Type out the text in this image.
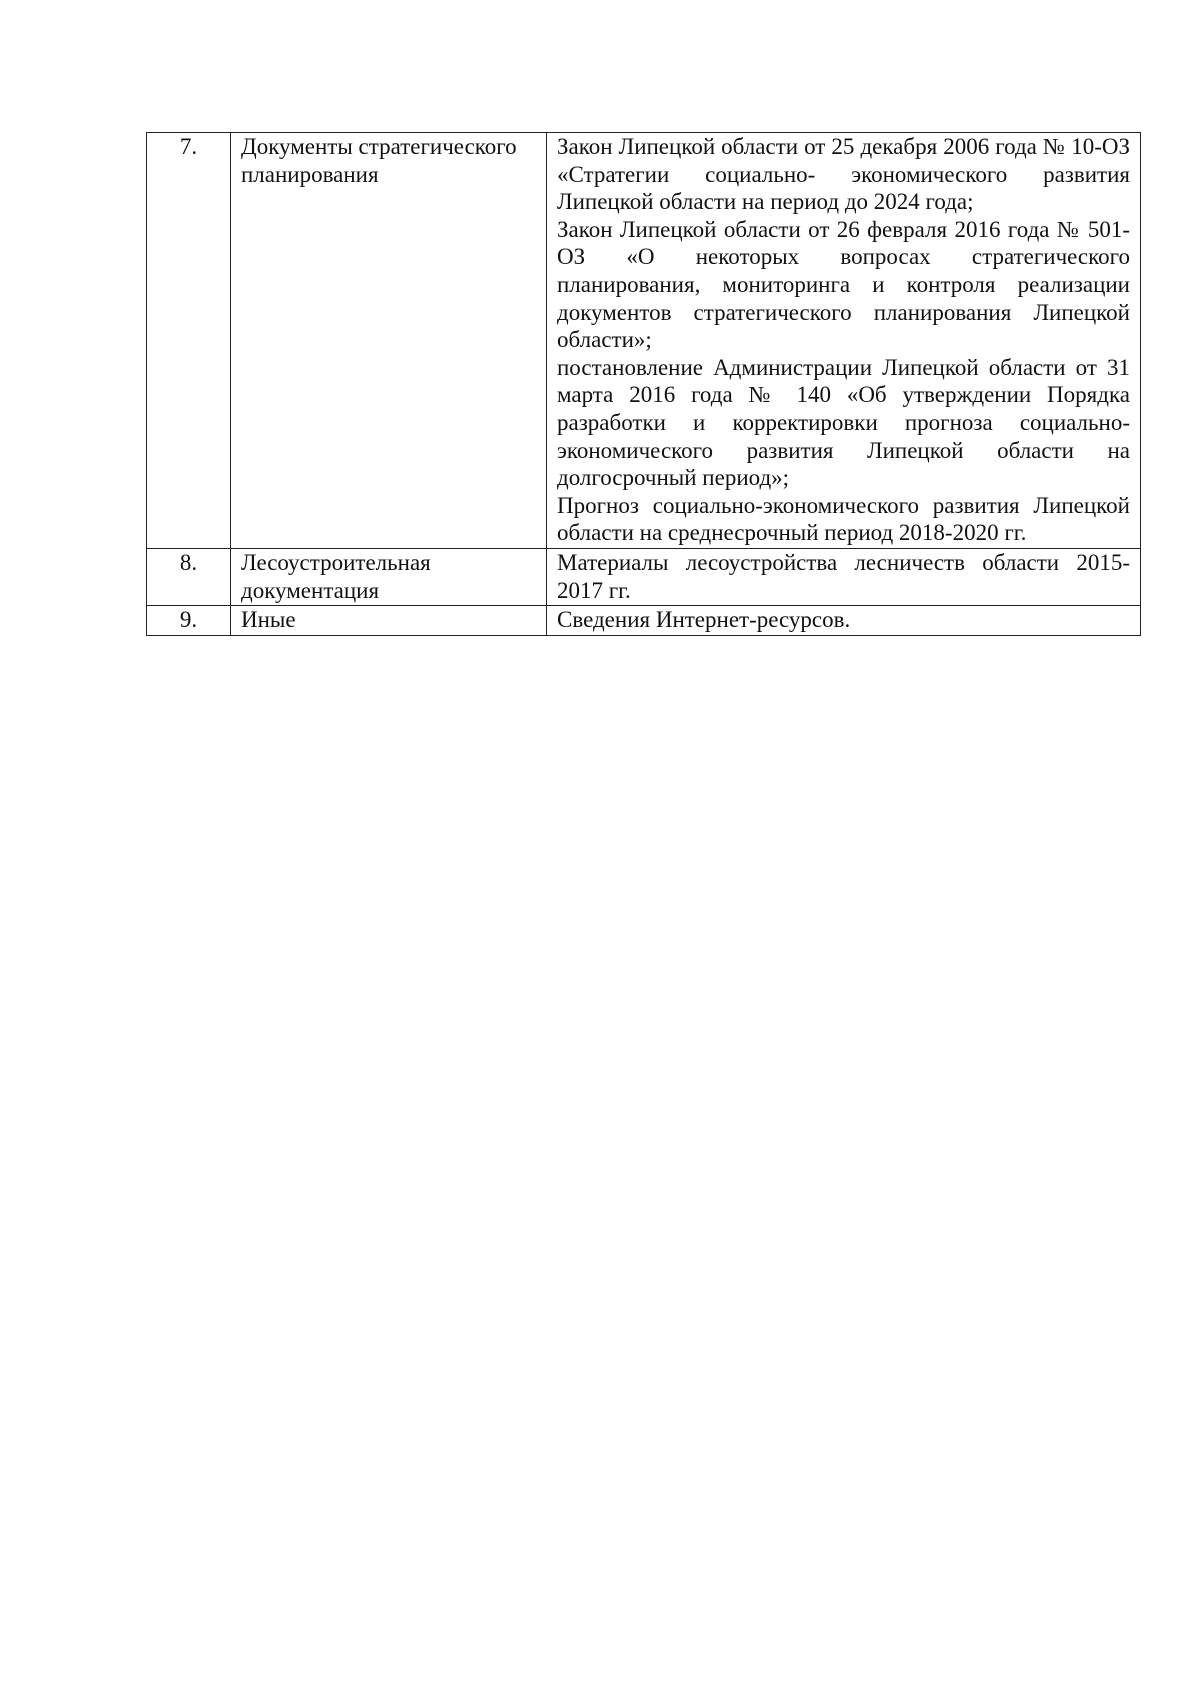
7.	Документы стратегического планирования	Закон Липецкой области от 25 декабря 2006 года № 10-ОЗ «Стратегии социально- экономического развития Липецкой области на период до 2024 года;

Закон Липецкой области от 26 февраля 2016 года № 501-ОЗ «О некоторых вопросах стратегического планирования, мониторинга и контроля реализации документов стратегического планирования Липецкой области»;

постановление Администрации Липецкой области от 31 марта 2016 года № 140 «Об утверждении Порядка разработки и корректировки прогноза социально-экономического развития Липецкой области на долгосрочный период»;

Прогноз социально-экономического развития Липецкой области на среднесрочный период 2018-2020 гг.

8.	Лесоустроительная документация	Материалы лесоустройства лесничеств области 2015-2017 гг.

9.	Иные	Сведения Интернет-ресурсов.
